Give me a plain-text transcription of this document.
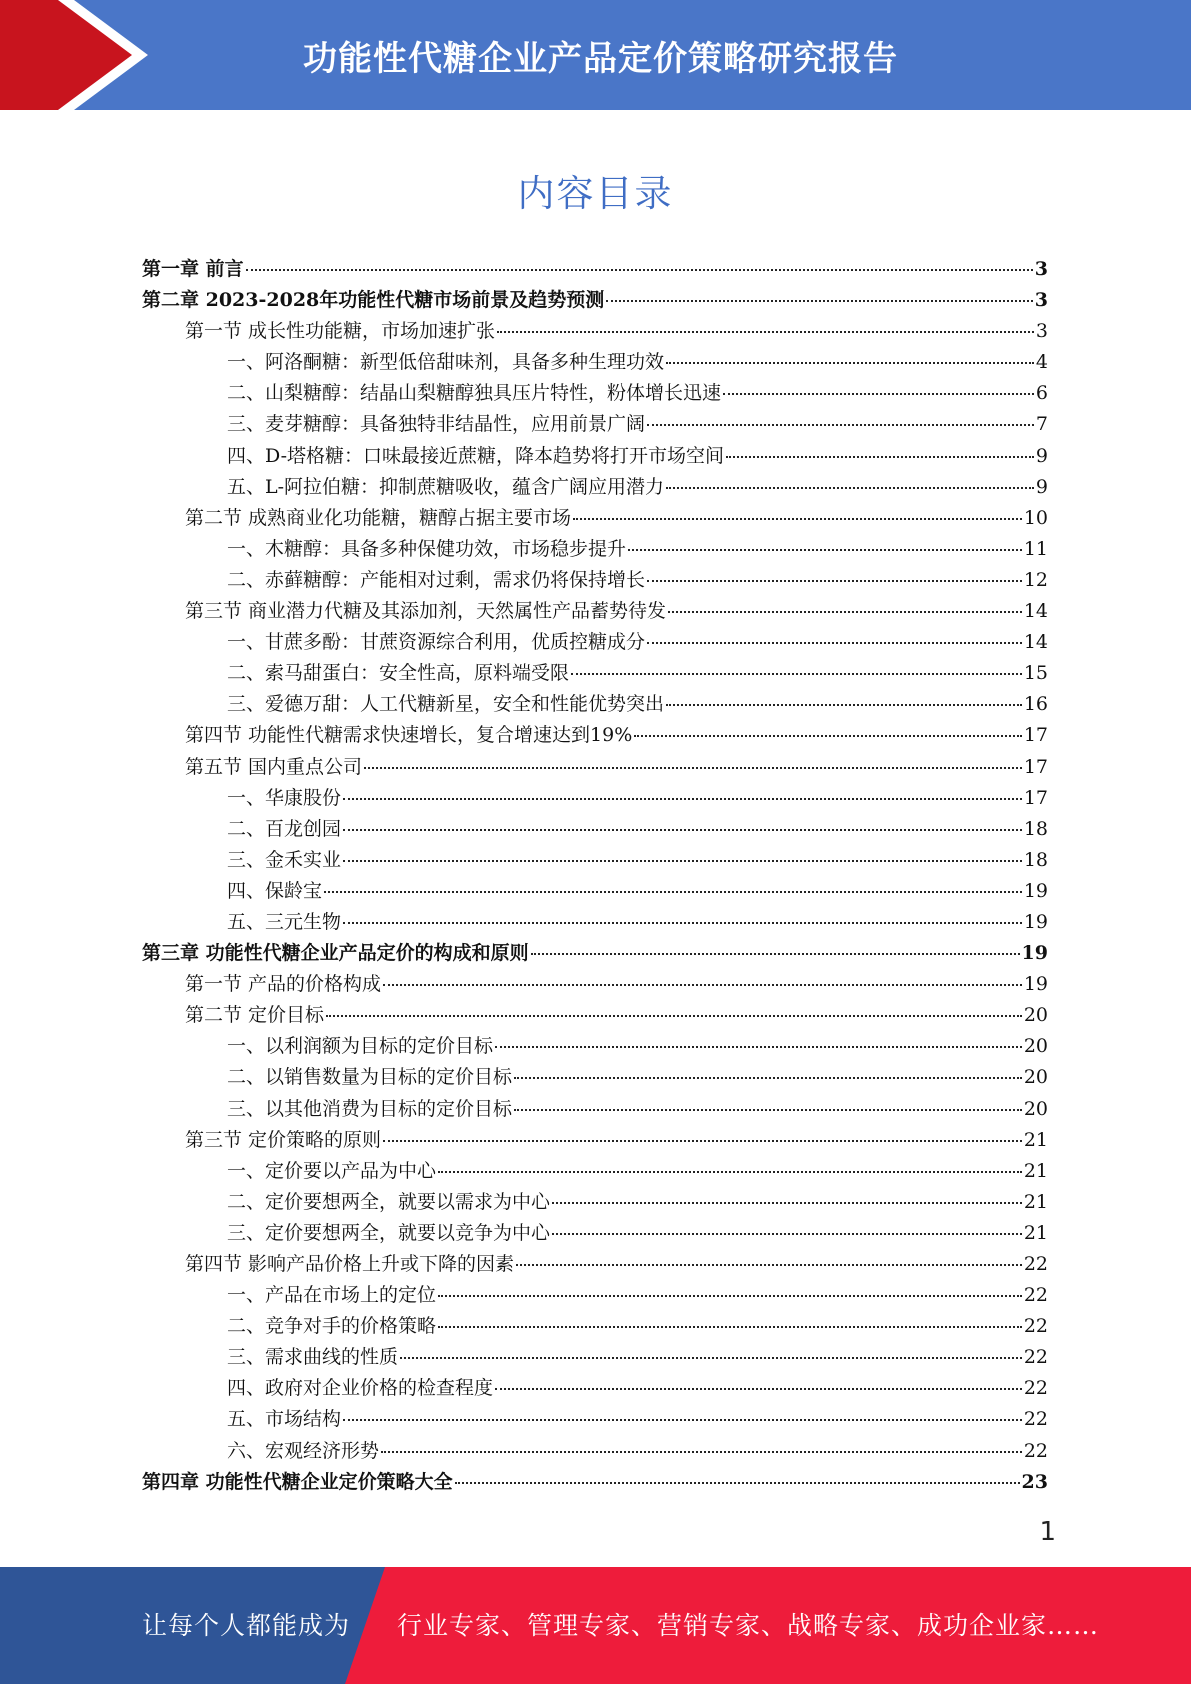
功能性代糖企业产品定价策略研究报告
内容目录
第一章 前言	3
第二章 2023-2028年功能性代糖市场前景及趋势预测	3
第一节 成长性功能糖，市场加速扩张	3
一、阿洛酮糖：新型低倍甜味剂，具备多种生理功效	4
二、山梨糖醇：结晶山梨糖醇独具压片特性，粉体增长迅速	6
三、麦芽糖醇：具备独特非结晶性，应用前景广阔	7
四、D-塔格糖：口味最接近蔗糖，降本趋势将打开市场空间	9
五、L-阿拉伯糖：抑制蔗糖吸收，蕴含广阔应用潜力	9
第二节 成熟商业化功能糖，糖醇占据主要市场	10
一、木糖醇：具备多种保健功效，市场稳步提升	11
二、赤藓糖醇：产能相对过剩，需求仍将保持增长	12
第三节 商业潜力代糖及其添加剂，天然属性产品蓄势待发	14
一、甘蔗多酚：甘蔗资源综合利用，优质控糖成分	14
二、索马甜蛋白：安全性高，原料端受限	15
三、爱德万甜：人工代糖新星，安全和性能优势突出	16
第四节 功能性代糖需求快速增长，复合增速达到19%	17
第五节 国内重点公司	17
一、华康股份	17
二、百龙创园	18
三、金禾实业	18
四、保龄宝	19
五、三元生物	19
第三章 功能性代糖企业产品定价的构成和原则	19
第一节 产品的价格构成	19
第二节 定价目标	20
一、以利润额为目标的定价目标	20
二、以销售数量为目标的定价目标	20
三、以其他消费为目标的定价目标	20
第三节 定价策略的原则	21
一、定价要以产品为中心	21
二、定价要想两全，就要以需求为中心	21
三、定价要想两全，就要以竞争为中心	21
第四节 影响产品价格上升或下降的因素	22
一、产品在市场上的定位	22
二、竞争对手的价格策略	22
三、需求曲线的性质	22
四、政府对企业价格的检查程度	22
五、市场结构	22
六、宏观经济形势	22
第四章 功能性代糖企业定价策略大全	23
1
让每个人都能成为 行业专家、管理专家、营销专家、战略专家、成功企业家……
